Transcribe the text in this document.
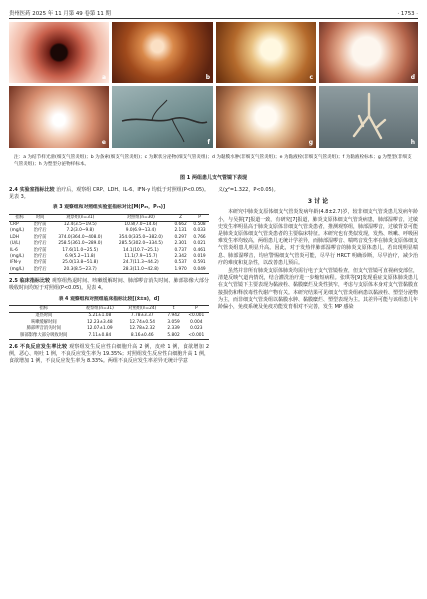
贵州医药 2025 年 11 月第 49 卷第 11 期	· 1753 ·
a	b	c	d
e	f	g	h
注：a 为结节样光滑(细支气管炎组)；b 为条索(细支气管炎组)；c 为絮状分泌物(细支气管炎组)；d 为黏膜水肿(非细支气管炎组)；e 为黏液栓(非细支气管炎组)；f 为黏液栓标本；g 为塑型(非细支气管炎组)；h 为塑型分泌物样标本。
图 1 两组患儿支气管镜下表现

2.4 实验室指标比较 治疗后，观察组 CRP、LDH、IL-6、IFN-γ 均低于对照组(P<0.05)。见表 3。

表 3 观察组和对照组实验室指标对比[M(P₂₅，P₇₅)]
指标	时间	观察组(n=31)	对照组(n=30)	Z	P
CRP	治疗前	12.4(3.5~19.5)	10.8(7.0~14.6)	0.662	0.508
(mg/L)	治疗后	7.2(3.0~9.8)	9.0(6.9~13.4)	2.131	0.033
LDH	治疗前	374.0(364.0~408.0)	354.0(335.0~382.0)	0.297	0.766
(U/L)	治疗后	258.5(361.0~289.0)	285.5(302.0~334.5)	2.301	0.021
IL-6	治疗前	17.6(11.0~25.5)	14.1(10.7~25.1)	0.737	0.461
(mg/L)	治疗后	6.9(5.2~11.8)	11.1(7.9~15.7)	2.342	0.019
IFN-γ	治疗前	25.0(13.8~51.8)	24.7(11.3~44.2)	0.537	0.591
(mg/L)	治疗后	20.3(8.5~23.7)	28.3(11.0~42.8)	1.970	0.049

2.5 临床指标比较 观察组热退时间、咳嗽缓解时间、肺部啰音消失时间、肺部影像大部分吸收时间均短于对照组(P<0.05)。见表 4。

表 4 观察组和对照组临床指标比较[(x̄±s)，d]
指标	观察组(n=31)	对照组(n=24)	t	P
退热时间	5.21±1.08	7.78±3.37	7.942	<0.001
咳嗽缓解时间	12.23±3.48	12.74±0.54	3.059	0.004
肺部啰音消失时间	12.07±1.09	12.78±2.32	2.339	0.023
肺部影像大部分吸收时间	7.11±0.84	8.16±0.46	5.802	<0.001

2.6 不良反应发生率比较 观察组发生反应性白细胞升高 2 例，皮疹 1 例，食欲增加 2 例，恶心、呕吐 1 例，不良反应发生率为 19.35%；对照组发生反应性白细胞升高 1 例，食欲增加 1 例，不良反应发生率为 8.33%。两组不良反应发生率差异无统计学意

义(χ²=1.322，P<0.05)。

3 讨 论

本研究中肺炎支原体细支气管炎发病年龄(4.8±2.7)岁，较非细支气管炎患儿发病年龄小，与吴拼[7]报道一致，有研究[7]报道，肺炎支原体细支气管炎病患，肺部湿啰音，过敏史发生率明显高于肺炎支原体非细支气管炎患者，推测观察组，肺部湿啰音，过敏背景可能是肺炎支原体细支气管炎患者的主要临床特征。本研究也有类似发现，发热、咳嗽、呼吸困难发生率均较高，两组患儿无统计学差异，而肺部湿啰音、喘鸣音发生率在肺炎支原体细支气管炎组患儿明显升高。因此，对于发热伴肺部湿啰音的肺炎支原体患儿，若出现明显喘息、肺部湿啰音，均应警惕细支气管炎可能，尽早行 HRCT 明确诊断，尽早治疗，减少治疗的难度和复杂性，以改善患儿预后。

虽然并非所有肺炎支原体肺炎均需行电子支气管镜检查，但支气管镜可直视病变部位，清楚反映气道内情况，结合灌洗治疗进一步缩短病程。张琪等[9]发现重症支原体肺炎患儿在支气管镜下主要表现为黏液栓、黏膜糜烂及炎性狭窄，考虑与支原体本身对支气管黏膜直接损伤和释放毒性代谢产物有关。本研究结果可见细支气管炎组病患以黏液栓、塑型分泌物为主，而非细支气管炎组以黏膜水肿、黏膜糜烂、塑型表现为主。其差异可能与该组患儿年龄偏小，免疫系统及免疫功能发育相对不完善，发生 MP 感染
